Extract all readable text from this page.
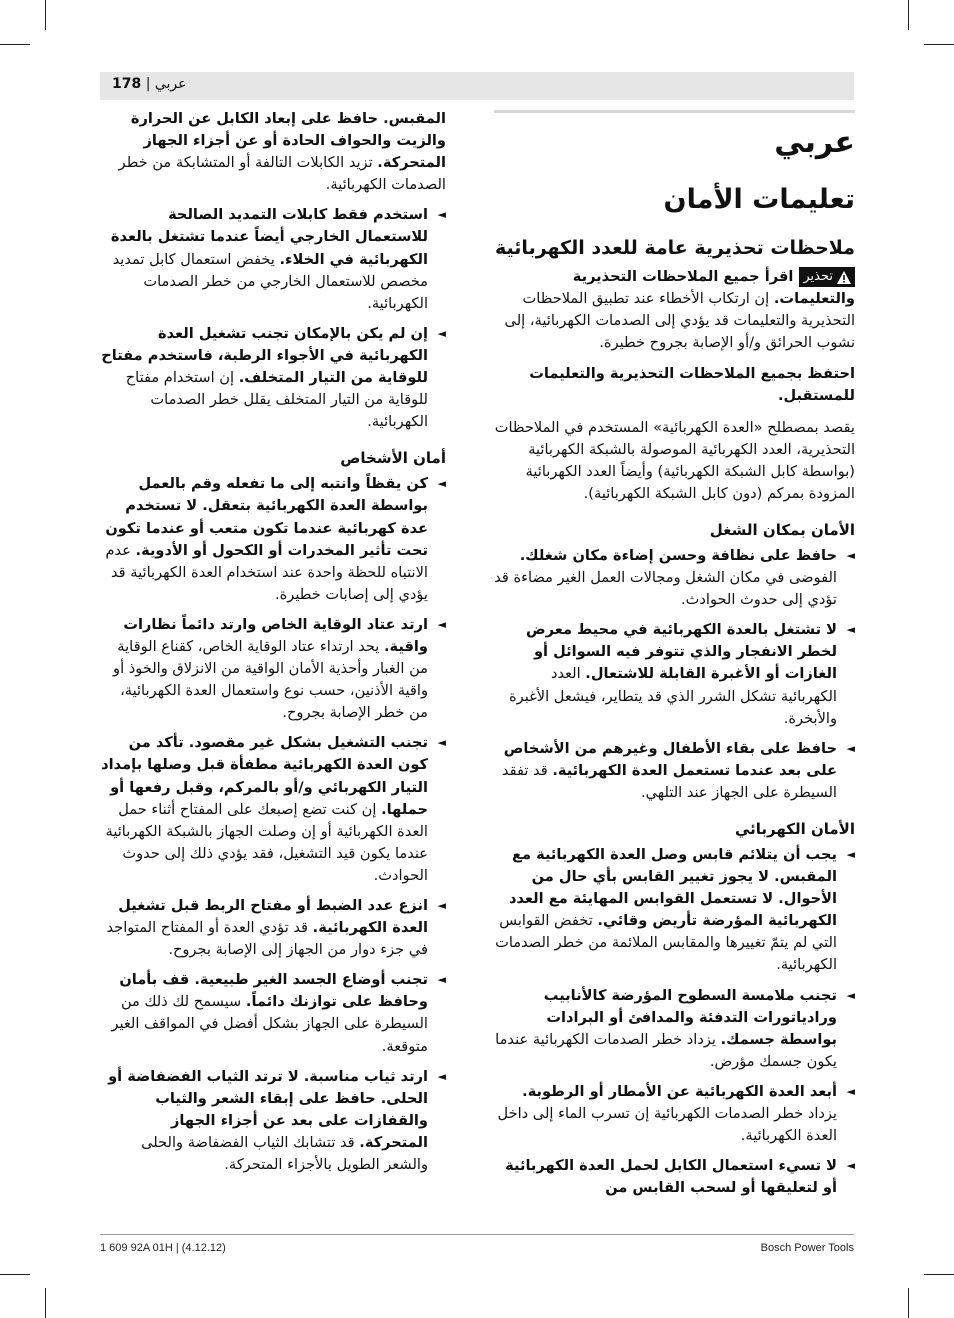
178 | عربي
عربي
تعليمات الأمان
ملاحظات تحذيرية عامة للعدد الكهربائية

تحذير
اقرأ جميع الملاحظات التحذيرية والتعليمات. إن ارتكاب الأخطاء عند تطبيق الملاحظات التحذيرية والتعليمات قد يؤدي إلى الصدمات الكهربائية، إلى نشوب الحرائق و/أو الإصابة بجروح خطيرة.

احتفظ بجميع الملاحظات التحذيرية والتعليمات للمستقبل.

يقصد بمصطلح «العدة الكهربائية» المستخدم في الملاحظات التحذيرية، العدد الكهربائية الموصولة بالشبكة الكهربائية (بواسطة كابل الشبكة الكهربائية) وأيضاً العدد الكهربائية المزودة بمركم (دون كابل الشبكة الكهربائية).

الأمان بمكان الشغل
◄
حافظ على نظافة وحسن إضاءة مكان شغلك. الفوضى في مكان الشغل ومجالات العمل الغير مضاءة قد تؤدي إلى حدوث الحوادث.
◄
لا تشتغل بالعدة الكهربائية في محيط معرض لخطر الانفجار والذي تتوفر فيه السوائل أو الغازات أو الأغبرة القابلة للاشتعال. العدد الكهربائية تشكل الشرر الذي قد يتطاير، فيشعل الأغبرة والأبخرة.
◄
حافظ على بقاء الأطفال وغيرهم من الأشخاص على بعد عندما تستعمل العدة الكهربائية. قد تفقد السيطرة على الجهاز عند التلهي.
الأمان الكهربائي
◄
يجب أن يتلائم قابس وصل العدة الكهربائية مع المقبس. لا يجوز تغيير القابس بأي حال من الأحوال. لا تستعمل القوابس المهايئة مع العدد الكهربائية المؤرضة تأريض وقائي. تخفض القوابس التي لم يتمّ تغييرها والمقابس الملائمة من خطر الصدمات الكهربائية.
◄
تجنب ملامسة السطوح المؤرضة كالأنابيب ورادياتورات التدفئة والمدافئ أو البرادات بواسطة جسمك. يزداد خطر الصدمات الكهربائية عندما يكون جسمك مؤرض.
◄
أبعد العدة الكهربائية عن الأمطار أو الرطوبة. يزداد خطر الصدمات الكهربائية إن تسرب الماء إلى داخل العدة الكهربائية.
◄
لا تسيء استعمال الكابل لحمل العدة الكهربائية أو لتعليقها أو لسحب القابس من
المقبس. حافظ على إبعاد الكابل عن الحرارة والزيت والحواف الحادة أو عن أجزاء الجهاز المتحركة. تزيد الكابلات التالفة أو المتشابكة من خطر الصدمات الكهربائية.
◄
استخدم فقط كابلات التمديد الصالحة للاستعمال الخارجي أيضاً عندما تشتغل بالعدة الكهربائية في الخلاء. يخفض استعمال كابل تمديد مخصص للاستعمال الخارجي من خطر الصدمات الكهربائية.
◄
إن لم يكن بالإمكان تجنب تشغيل العدة الكهربائية في الأجواء الرطبة، فاستخدم مفتاح للوقاية من التيار المتخلف. إن استخدام مفتاح للوقاية من التيار المتخلف يقلل خطر الصدمات الكهربائية.
أمان الأشخاص
◄
كن يقظاً وانتبه إلى ما تفعله وقم بالعمل بواسطة العدة الكهربائية بتعقل. لا تستخدم عدة كهربائية عندما تكون متعب أو عندما تكون تحت تأثير المخدرات أو الكحول أو الأدوية. عدم الانتباه للحظة واحدة عند استخدام العدة الكهربائية قد يؤدي إلى إصابات خطيرة.
◄
ارتد عتاد الوقاية الخاص وارتد دائماً نظارات واقية. يحد ارتداء عتاد الوقاية الخاص، كقناع الوقاية من الغبار وأحذية الأمان الواقية من الانزلاق والخوذ أو واقية الأذنين، حسب نوع واستعمال العدة الكهربائية، من خطر الإصابة بجروح.
◄
تجنب التشغيل بشكل غير مقصود. تأكد من كون العدة الكهربائية مطفأة قبل وصلها بإمداد التيار الكهربائي و/أو بالمركم، وقبل رفعها أو حملها. إن كنت تضع إصبعك على المفتاح أثناء حمل العدة الكهربائية أو إن وصلت الجهاز بالشبكة الكهربائية عندما يكون قيد التشغيل، فقد يؤدي ذلك إلى حدوث الحوادث.
◄
انزع عدد الضبط أو مفتاح الربط قبل تشغيل العدة الكهربائية. قد تؤدي العدة أو المفتاح المتواجد في جزء دوار من الجهاز إلى الإصابة بجروح.
◄
تجنب أوضاع الجسد الغير طبيعية. قف بأمان وحافظ على توازنك دائماً. سيسمح لك ذلك من السيطرة على الجهاز بشكل أفضل في المواقف الغير متوقعة.
◄
ارتد ثياب مناسبة. لا ترتد الثياب الفضفاضة أو الحلى. حافظ على إبقاء الشعر والثياب والقفازات على بعد عن أجزاء الجهاز المتحركة. قد تتشابك الثياب الفضفاضة والحلى والشعر الطويل بالأجزاء المتحركة.
1 609 92A 01H | (4.12.12)	Bosch Power Tools
